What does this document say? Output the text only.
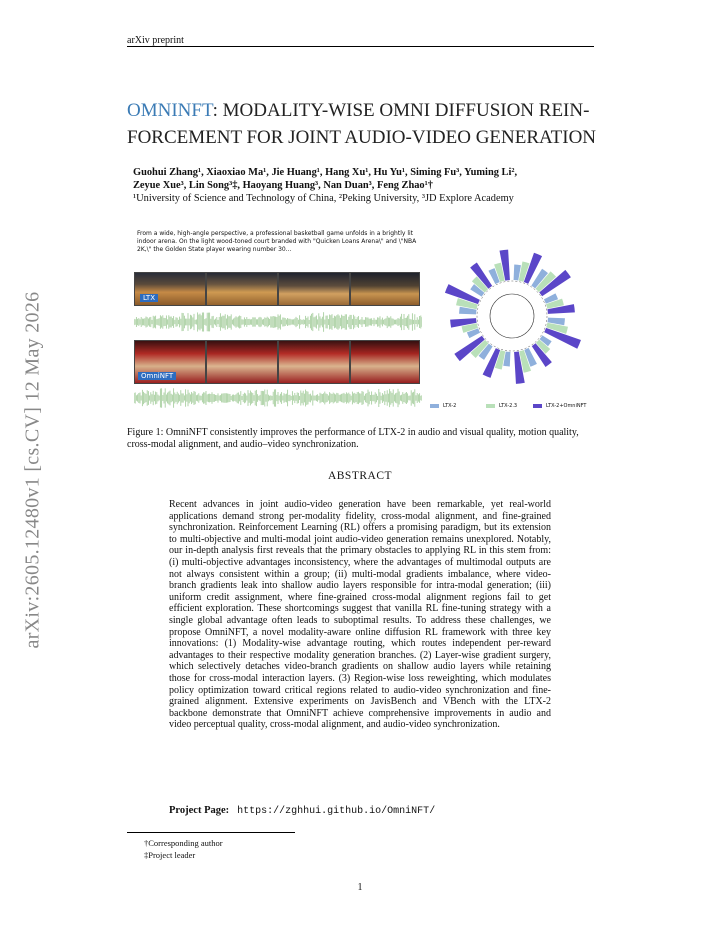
arXiv preprint
arXiv:2605.12480v1 [cs.CV] 12 May 2026
OMNINFT: MODALITY-WISE OMNI DIFFUSION REIN-
FORCEMENT FOR JOINT AUDIO-VIDEO GENERATION
Guohui Zhang¹, Xiaoxiao Ma¹, Jie Huang¹, Hang Xu¹, Hu Yu¹, Siming Fu³, Yuming Li²,
Zeyue Xue³, Lin Song³‡, Haoyang Huang³, Nan Duan³, Feng Zhao¹†
¹University of Science and Technology of China, ²Peking University, ³JD Explore Academy
From a wide, high-angle perspective, a professional basketball game unfolds in a brightly lit indoor arena. On the light wood-toned court branded with "Quicken Loans Arena\" and \"NBA 2K,\" the Golden State player wearing number 30...
LTX
OmniNFT
LTX-2	LTX-2.3	LTX-2+OmniNFT
Figure 1: OmniNFT consistently improves the performance of LTX-2 in audio and visual quality, motion quality, cross-modal alignment, and audio–video synchronization.
ABSTRACT
Recent advances in joint audio-video generation have been remarkable, yet real-world applications demand strong per-modality fidelity, cross-modal alignment, and fine-grained synchronization. Reinforcement Learning (RL) offers a promising paradigm, but its extension to multi-objective and multi-modal joint audio-video generation remains unexplored. Notably, our in-depth analysis first reveals that the primary obstacles to applying RL in this stem from: (i) multi-objective advantages inconsistency, where the advantages of multimodal outputs are not always consistent within a group; (ii) multi-modal gradients imbalance, where video-branch gradients leak into shallow audio layers responsible for intra-modal generation; (iii) uniform credit assignment, where fine-grained cross-modal alignment regions fail to get efficient exploration. These shortcomings suggest that vanilla RL fine-tuning strategy with a single global advantage often leads to suboptimal results. To address these challenges, we propose OmniNFT, a novel modality-aware online diffusion RL framework with three key innovations: (1) Modality-wise advantage routing, which routes independent per-reward advantages to their respective modality generation branches. (2) Layer-wise gradient surgery, which selectively detaches video-branch gradients on shallow audio layers while retaining those for cross-modal interaction layers. (3) Region-wise loss reweighting, which modulates policy optimization toward critical regions related to audio-video synchronization and fine-grained alignment. Extensive experiments on JavisBench and VBench with the LTX-2 backbone demonstrate that OmniNFT achieve comprehensive improvements in audio and video perceptual quality, cross-modal alignment, and audio-video synchronization.
Project Page: https://zghhui.github.io/OmniNFT/
†Corresponding author
‡Project leader
1
